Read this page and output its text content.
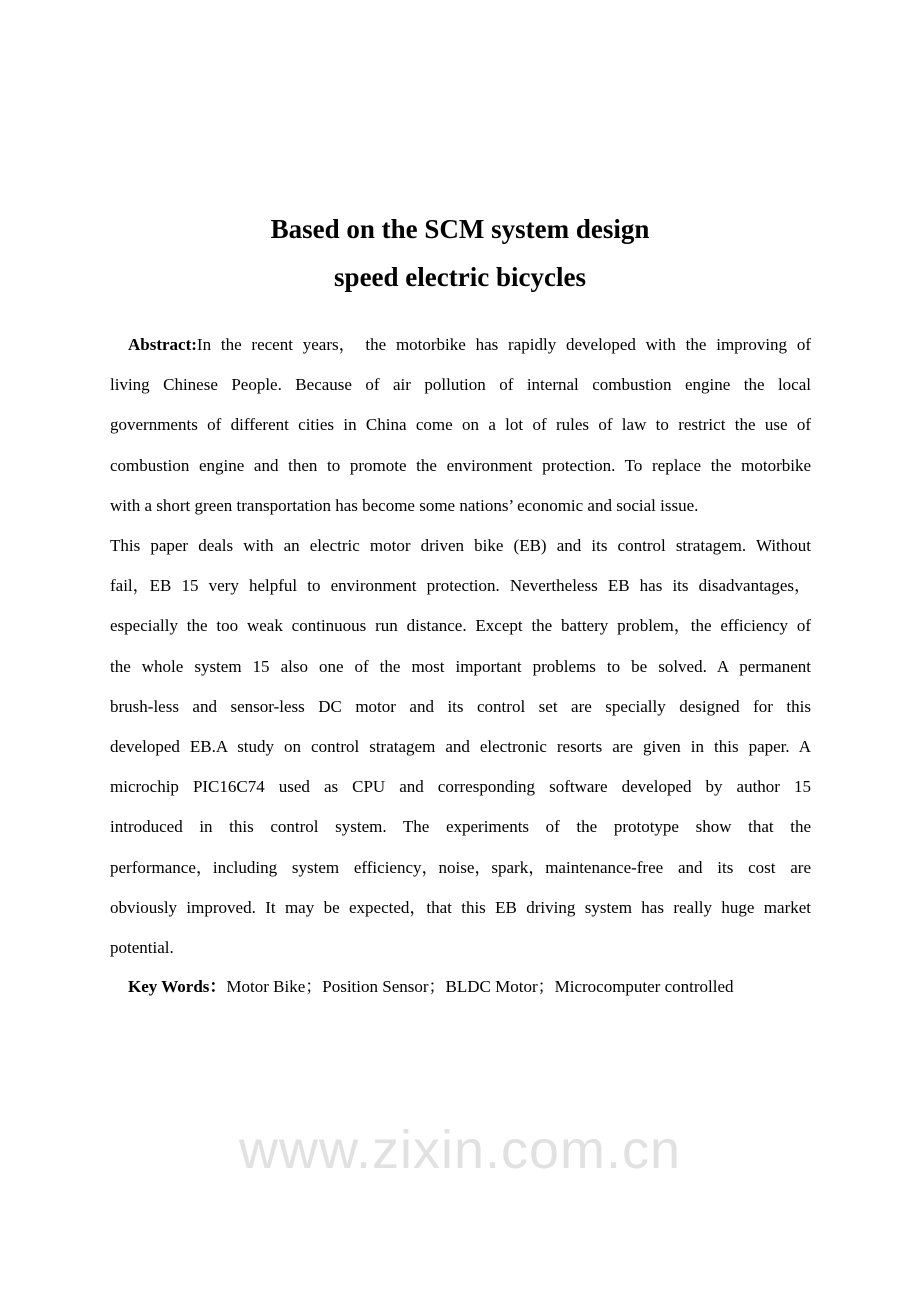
www.zixin.com.cn
Based on the SCM system design
speed electric bicycles
Abstract:In the recent years， the motorbike has rapidly developed with the improving of
living Chinese People. Because of air pollution of internal combustion engine the local
governments of different cities in China come on a lot of rules of law to restrict the use of
combustion engine and then to promote the environment protection. To replace the motorbike
with a short green transportation has become some nations’ economic and social issue.
This paper deals with an electric motor driven bike (EB) and its control stratagem. Without
fail，EB 15 very helpful to environment protection. Nevertheless EB has its disadvantages，
especially the too weak continuous run distance. Except the battery problem，the efficiency of
the whole system 15 also one of the most important problems to be solved. A permanent
brush-less and sensor-less DC motor and its control set are specially designed for this
developed EB.A study on control stratagem and electronic resorts are given in this paper. A
microchip PIC16C74 used as CPU and corresponding software developed by author 15
introduced in this control system. The experiments of the prototype show that the
performance，including system efficiency，noise，spark，maintenance-free and its cost are
obviously improved. It may be expected，that this EB driving system has really huge market
potential.
Key Words：Motor Bike；Position Sensor；BLDC Motor；Microcomputer controlled
